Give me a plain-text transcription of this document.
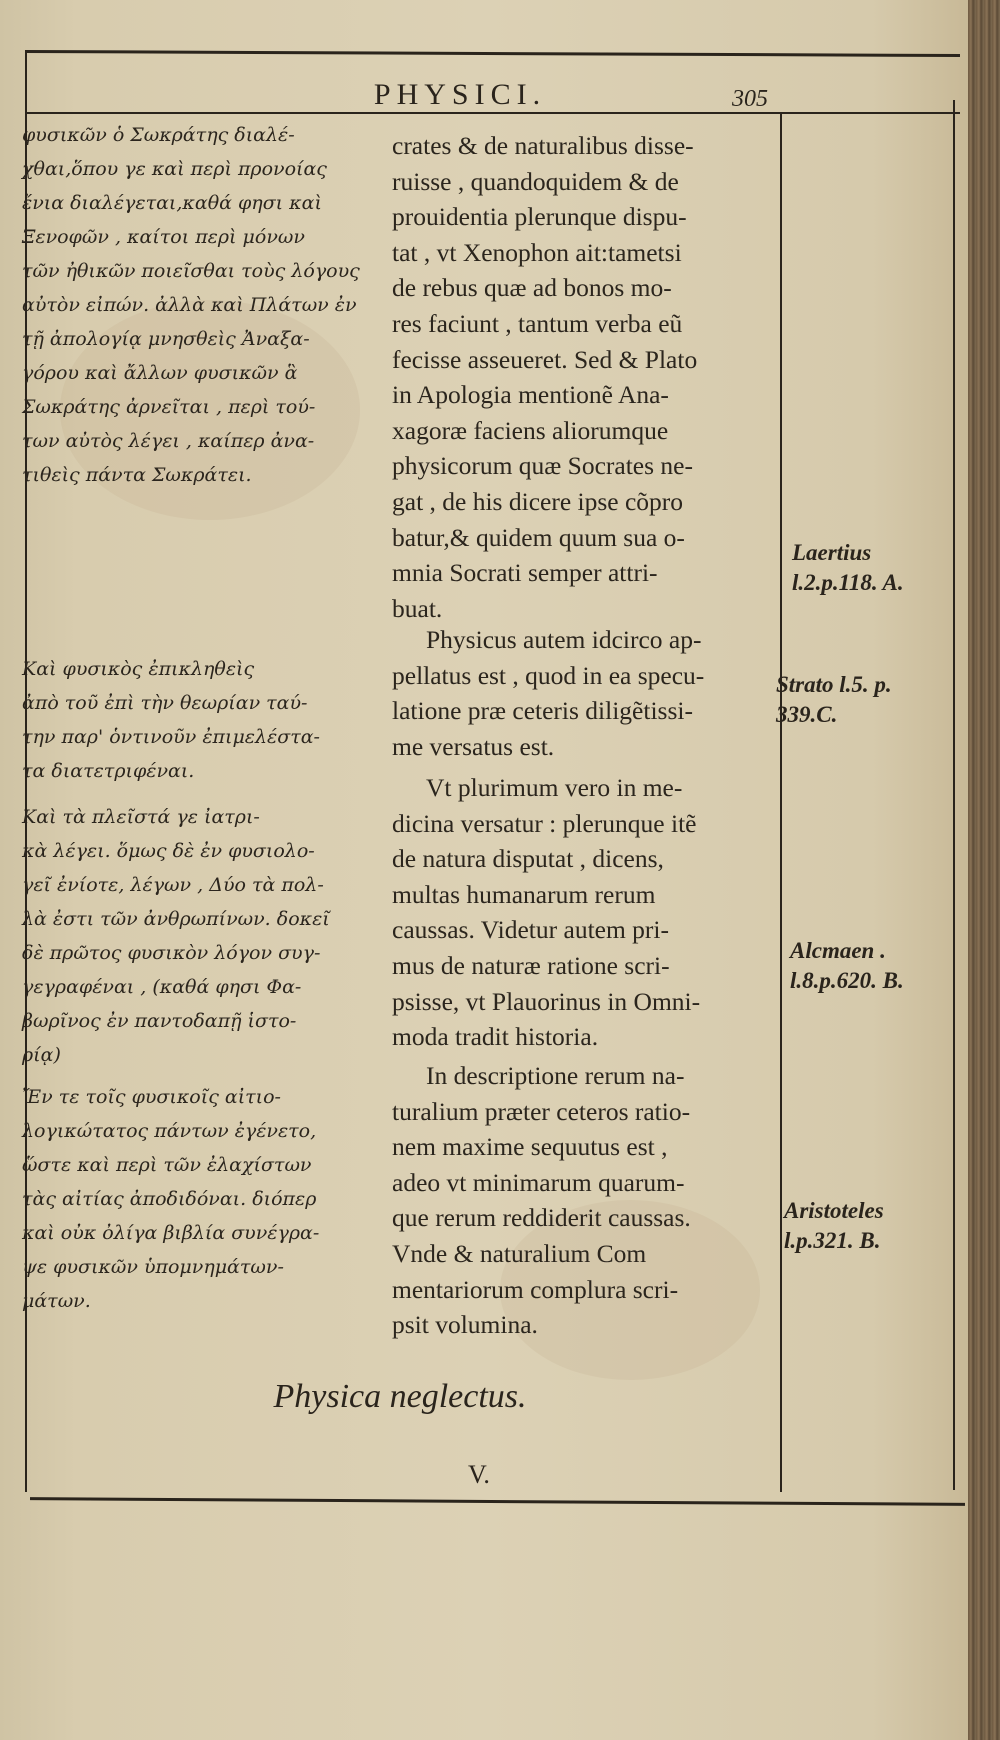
PHYSICI.	305
φυσικῶν ὁ Σωκράτης διαλέ-
χθαι,ὅπου γε καὶ περὶ προνοίας
ἔνια διαλέγεται,καθά φησι καὶ
Ξενοφῶν , καίτοι περὶ μόνων
τῶν ἠθικῶν ποιεῖσθαι τοὺς λόγους
αὐτὸν εἰπών. ἀλλὰ καὶ Πλάτων ἐν
τῇ ἀπολογίᾳ μνησθεὶς Ἀναξα-
γόρου καὶ ἄλλων φυσικῶν ἃ
Σωκράτης ἀρνεῖται , περὶ τού-
των αὐτὸς λέγει , καίπερ ἀνα-
τιθεὶς πάντα Σωκράτει.
Καὶ φυσικὸς ἐπικληθεὶς
ἀπὸ τοῦ ἐπὶ τὴν θεωρίαν ταύ-
την παρ' ὁντινοῦν ἐπιμελέστα-
τα διατετριφέναι.
Καὶ τὰ πλεῖστά γε ἰατρι-
κὰ λέγει. ὅμως δὲ ἐν φυσιολο-
γεῖ ἐνίοτε, λέγων , Δύο τὰ πολ-
λὰ ἐστι τῶν ἀνθρωπίνων. δοκεῖ
δὲ πρῶτος φυσικὸν λόγον συγ-
γεγραφέναι , (καθά φησι Φα-
βωρῖνος ἐν παντοδαπῇ ἱστο-
ρίᾳ)
Ἔν τε τοῖς φυσικοῖς αἰτιο-
λογικώτατος πάντων ἐγένετο,
ὥστε καὶ περὶ τῶν ἐλαχίστων
τὰς αἰτίας ἀποδιδόναι. διόπερ
καὶ οὐκ ὀλίγα βιβλία συνέγρα-
ψε φυσικῶν ὑπομνημάτων-
μάτων.
crates & de naturalibus disse-
ruisse , quandoquidem & de
prouidentia plerunque dispu-
tat , vt Xenophon ait:tametsi
de rebus quæ ad bonos mo-
res faciunt , tantum verba eũ
fecisse asseueret. Sed & Plato
in Apologia mentionẽ Ana-
xagoræ faciens aliorumque
physicorum quæ Socrates ne-
gat , de his dicere ipse cõpro
batur,& quidem quum sua o-
mnia Socrati semper attri-
buat.
Physicus autem idcirco ap-
pellatus est , quod in ea specu-
latione præ ceteris diligẽtissi-
me versatus est.
Vt plurimum vero in me-
dicina versatur : plerunque itẽ
de natura disputat , dicens,
multas humanarum rerum
caussas. Videtur autem pri-
mus de naturæ ratione scri-
psisse, vt Plauorinus in Omni-
moda tradit historia.
In descriptione rerum na-
turalium præter ceteros ratio-
nem maxime sequutus est ,
adeo vt minimarum quarum-
que rerum reddiderit caussas.
Vnde & naturalium Com
mentariorum complura scri-
psit volumina.
Laertius
l.2.p.118. A.
Strato l.5. p.
339.C.
Alcmaen .
l.8.p.620. B.
Aristoteles
l.p.321. B.
Physica neglectus.
V.
